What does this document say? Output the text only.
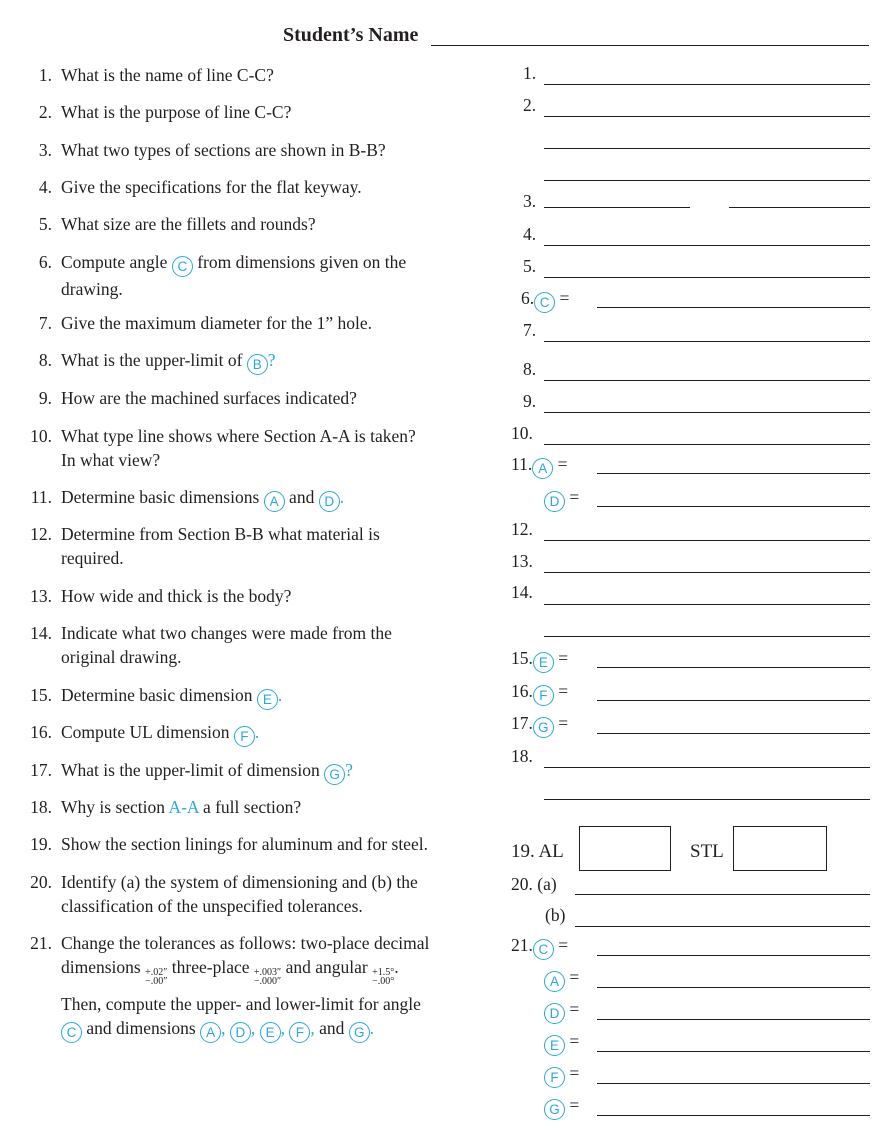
Student’s Name
1. What is the name of line C-C?
2. What is the purpose of line C-C?
3. What two types of sections are shown in B-B?
4. Give the specifications for the flat keyway.
5. What size are the fillets and rounds?
6. Compute angle C from dimensions given on the
drawing.
7. Give the maximum diameter for the 1” hole.
8. What is the upper-limit of B ?
9. How are the machined surfaces indicated?
10. What type line shows where Section A-A is taken?
In what view?
11. Determine basic dimensions A and D .
12. Determine from Section B-B what material is
required.
13. How wide and thick is the body?
14. Indicate what two changes were made from the
original drawing.
15. Determine basic dimension E .
16. Compute UL dimension F .
17. What is the upper-limit of dimension G ?
18. Why is section A-A a full section?
19. Show the section linings for aluminum and for steel.
20. Identify (a) the system of dimensioning and (b) the
classification of the unspecified tolerances.
21. Change the tolerances as follows: two-place decimal
dimensions +.02″
−.00″
three-place +.003″
−.000″
and angular +1.5°
−.00°
.
Then, compute the upper- and lower-limit for angle
C and dimensions A , D , E , F , and G .
1.
2.
3.
4.
5.
6. C =
7.
8.
9.
10.
11. A =
D =
12.
13.
14.
15. E =
16. F =
17. G =
18.
19. AL	STL
20. (a)
(b)
21. C =
A =
D =
E =
F =
G =
